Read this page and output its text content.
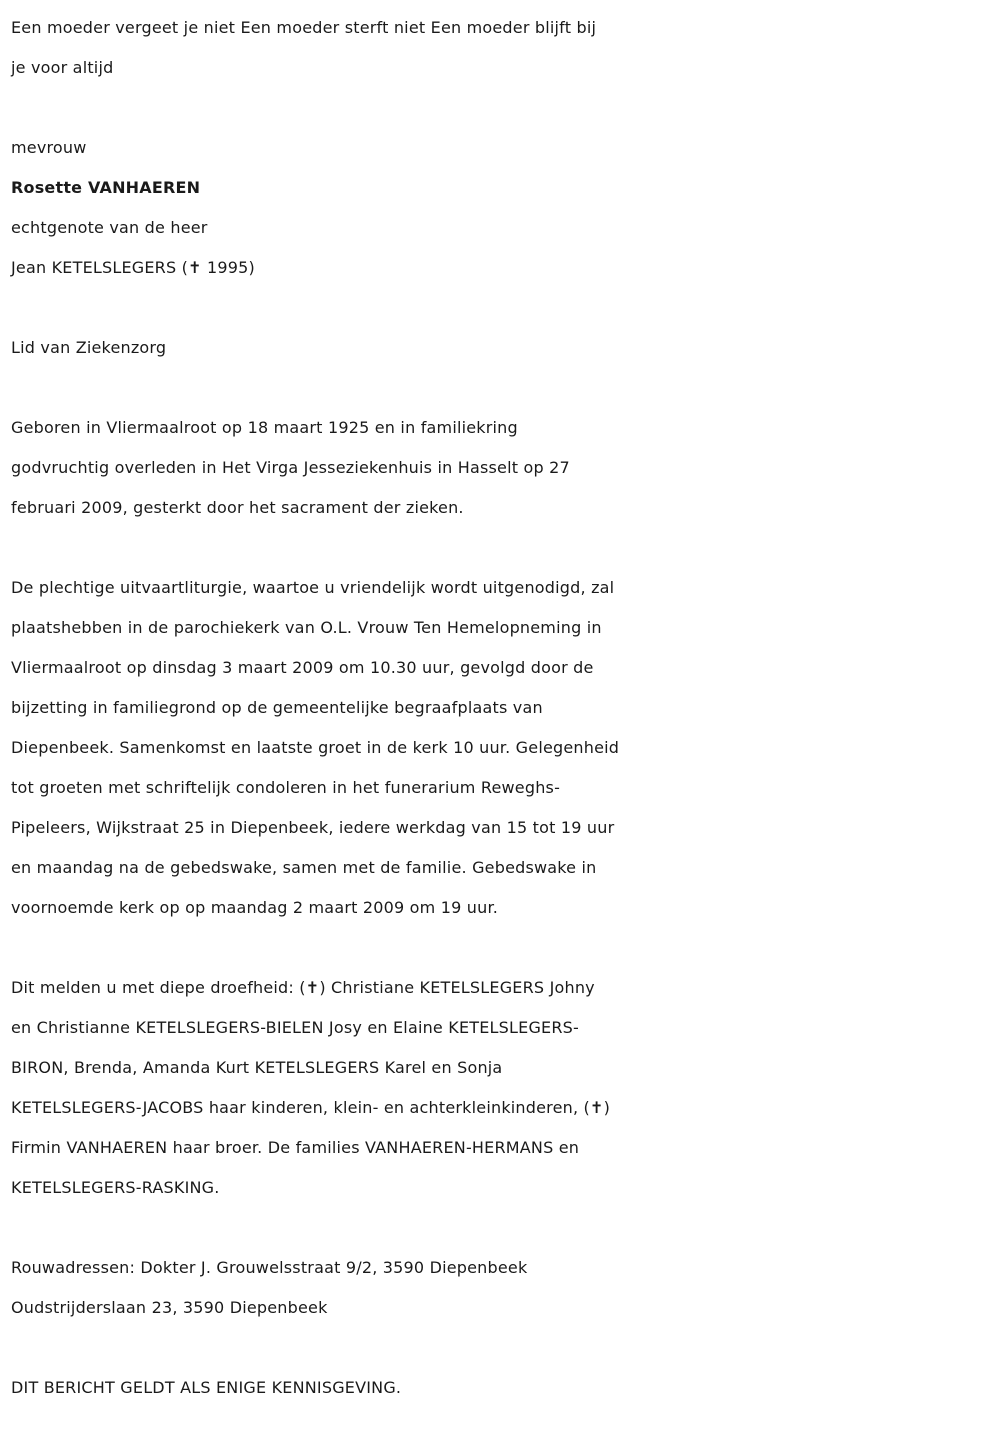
Een moeder vergeet je niet Een moeder sterft niet Een moeder blijft bij
je voor altijd
mevrouw
Rosette VANHAEREN
echtgenote van de heer
Jean KETELSLEGERS (✝ 1995)
Lid van Ziekenzorg
Geboren in Vliermaalroot op 18 maart 1925 en in familiekring
godvruchtig overleden in Het Virga Jesseziekenhuis in Hasselt op 27
februari 2009, gesterkt door het sacrament der zieken.
De plechtige uitvaartliturgie, waartoe u vriendelijk wordt uitgenodigd, zal
plaatshebben in de parochiekerk van O.L. Vrouw Ten Hemelopneming in
Vliermaalroot op dinsdag 3 maart 2009 om 10.30 uur, gevolgd door de
bijzetting in familiegrond op de gemeentelijke begraafplaats van
Diepenbeek. Samenkomst en laatste groet in de kerk 10 uur. Gelegenheid
tot groeten met schriftelijk condoleren in het funerarium Reweghs-
Pipeleers, Wijkstraat 25 in Diepenbeek, iedere werkdag van 15 tot 19 uur
en maandag na de gebedswake, samen met de familie. Gebedswake in
voornoemde kerk op op maandag 2 maart 2009 om 19 uur.
Dit melden u met diepe droefheid: (✝) Christiane KETELSLEGERS Johny
en Christianne KETELSLEGERS-BIELEN Josy en Elaine KETELSLEGERS-
BIRON, Brenda, Amanda Kurt KETELSLEGERS Karel en Sonja
KETELSLEGERS-JACOBS haar kinderen, klein- en achterkleinkinderen, (✝)
Firmin VANHAEREN haar broer. De families VANHAEREN-HERMANS en
KETELSLEGERS-RASKING.
Rouwadressen: Dokter J. Grouwelsstraat 9/2, 3590 Diepenbeek
Oudstrijderslaan 23, 3590 Diepenbeek
DIT BERICHT GELDT ALS ENIGE KENNISGEVING.
